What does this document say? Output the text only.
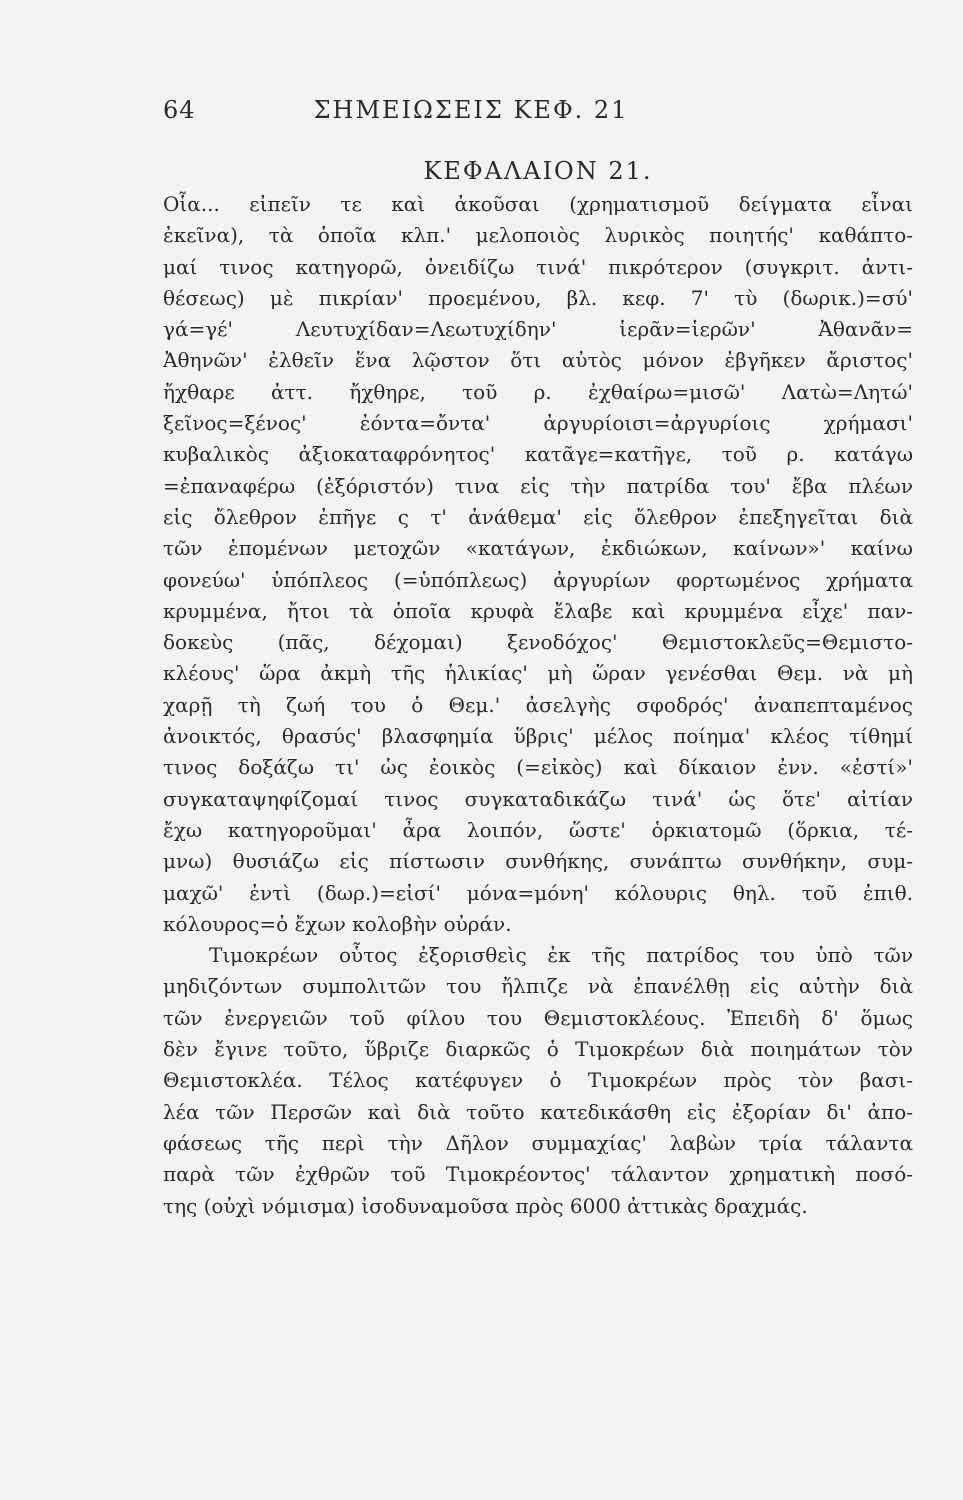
64	ΣΗΜΕΙΩΣΕΙΣ ΚΕΦ. 21
ΚΕΦΑΛΑΙΟΝ 21.
Οἷα... εἰπεῖν τε καὶ ἀκοῦσαι (χρηματισμοῦ δείγματα εἶναι
ἐκεῖνα), τὰ ὁποῖα κλπ.' μελοποιὸς λυρικὸς ποιητής' καθάπτο-
μαί τινος κατηγορῶ, ὀνειδίζω τινά' πικρότερον (συγκριτ. ἀντι-
θέσεως) μὲ πικρίαν' προεμένου, βλ. κεφ. 7' τὺ (δωρικ.)=σύ'
γά=γέ' Λευτυχίδαν=Λεωτυχίδην' ἱερᾶν=ἱερῶν' Ἀθανᾶν=
Ἀθηνῶν' ἐλθεῖν ἕνα λῷστον ὅτι αὐτὸς μόνον ἐβγῆκεν ἄριστος'
ἤχθαρε ἀττ. ἤχθηρε, τοῦ ρ. ἐχθαίρω=μισῶ' Λατὼ=Λητώ'
ξεῖνος=ξένος' ἐόντα=ὄντα' ἀργυρίοισι=ἀργυρίοις χρήμασι'
κυβαλικὸς ἀξιοκαταφρόνητος' κατᾶγε=κατῆγε, τοῦ ρ. κατάγω
=ἐπαναφέρω (ἐξόριστόν) τινα εἰς τὴν πατρίδα του' ἔβα πλέων
εἰς ὄλεθρον ἐπῆγε ς τ' ἀνάθεμα' εἰς ὄλεθρον ἐπεξηγεῖται διὰ
τῶν ἑπομένων μετοχῶν «κατάγων, ἐκδιώκων, καίνων»' καίνω
φονεύω' ὑπόπλεος (=ὑπόπλεως) ἀργυρίων φορτωμένος χρήματα
κρυμμένα, ἤτοι τὰ ὁποῖα κρυφὰ ἔλαβε καὶ κρυμμένα εἶχε' παν-
δοκεὺς (πᾶς, δέχομαι) ξενοδόχος' Θεμιστοκλεῦς=Θεμιστο-
κλέους' ὥρα ἀκμὴ τῆς ἡλικίας' μὴ ὥραν γενέσθαι Θεμ. νὰ μὴ
χαρῇ τὴ ζωή του ὁ Θεμ.' ἀσελγὴς σφοδρός' ἀναπεπταμένος
ἀνοικτός, θρασύς' βλασφημία ὕβρις' μέλος ποίημα' κλέος τίθημί
τινος δοξάζω τι' ὡς ἐοικὸς (=εἰκὸς) καὶ δίκαιον ἐνν. «ἐστί»'
συγκαταψηφίζομαί τινος συγκαταδικάζω τινά' ὡς ὅτε' αἰτίαν
ἔχω κατηγοροῦμαι' ἆρα λοιπόν, ὥστε' ὁρκιατομῶ (ὅρκια, τέ-
μνω) θυσιάζω εἰς πίστωσιν συνθήκης, συνάπτω συνθήκην, συμ-
μαχῶ' ἐντὶ (δωρ.)=εἰσί' μόνα=μόνη' κόλουρις θηλ. τοῦ ἐπιθ.
κόλουρος=ὁ ἔχων κολοβὴν οὐράν.
Τιμοκρέων οὗτος ἐξορισθεὶς ἐκ τῆς πατρίδος του ὑπὸ τῶν
μηδιζόντων συμπολιτῶν του ἤλπιζε νὰ ἐπανέλθῃ εἰς αὐτὴν διὰ
τῶν ἐνεργειῶν τοῦ φίλου του Θεμιστοκλέους. Ἐπειδὴ δ' ὅμως
δὲν ἔγινε τοῦτο, ὕβριζε διαρκῶς ὁ Τιμοκρέων διὰ ποιημάτων τὸν
Θεμιστοκλέα. Τέλος κατέφυγεν ὁ Τιμοκρέων πρὸς τὸν βασι-
λέα τῶν Περσῶν καὶ διὰ τοῦτο κατεδικάσθη εἰς ἐξορίαν δι' ἀπο-
φάσεως τῆς περὶ τὴν Δῆλον συμμαχίας' λαβὼν τρία τάλαντα
παρὰ τῶν ἐχθρῶν τοῦ Τιμοκρέοντος' τάλαντον χρηματικὴ ποσό-
της (οὐχὶ νόμισμα) ἰσοδυναμοῦσα πρὸς 6000 ἀττικὰς δραχμάς.
